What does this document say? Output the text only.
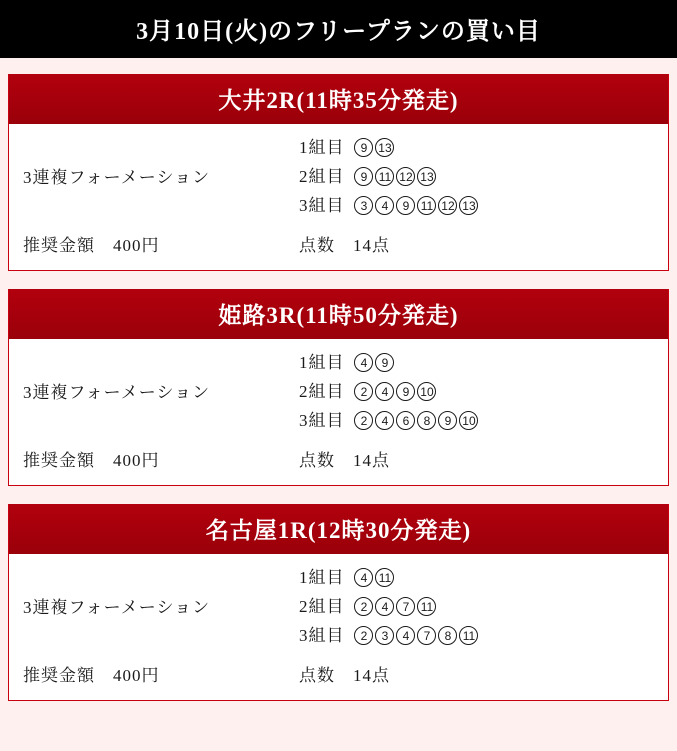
3月10日(火)のフリープランの買い目
大井2R(11時35分発走)
3連複フォーメーション
推奨金額 400円
1組目	9 13
2組目	9 11 12 13
3組目	3	4	9 11 12 13
点数 14点
姫路3R(11時50分発走)
3連複フォーメーション
推奨金額 400円
1組目	4	9
2組目	2	4	9 10
3組目	2	4	6	8	9 10
点数 14点
名古屋1R(12時30分発走)
3連複フォーメーション
推奨金額 400円
1組目	4 11
2組目	2	4	7 11
3組目	2	3	4	7	8 11
点数 14点
